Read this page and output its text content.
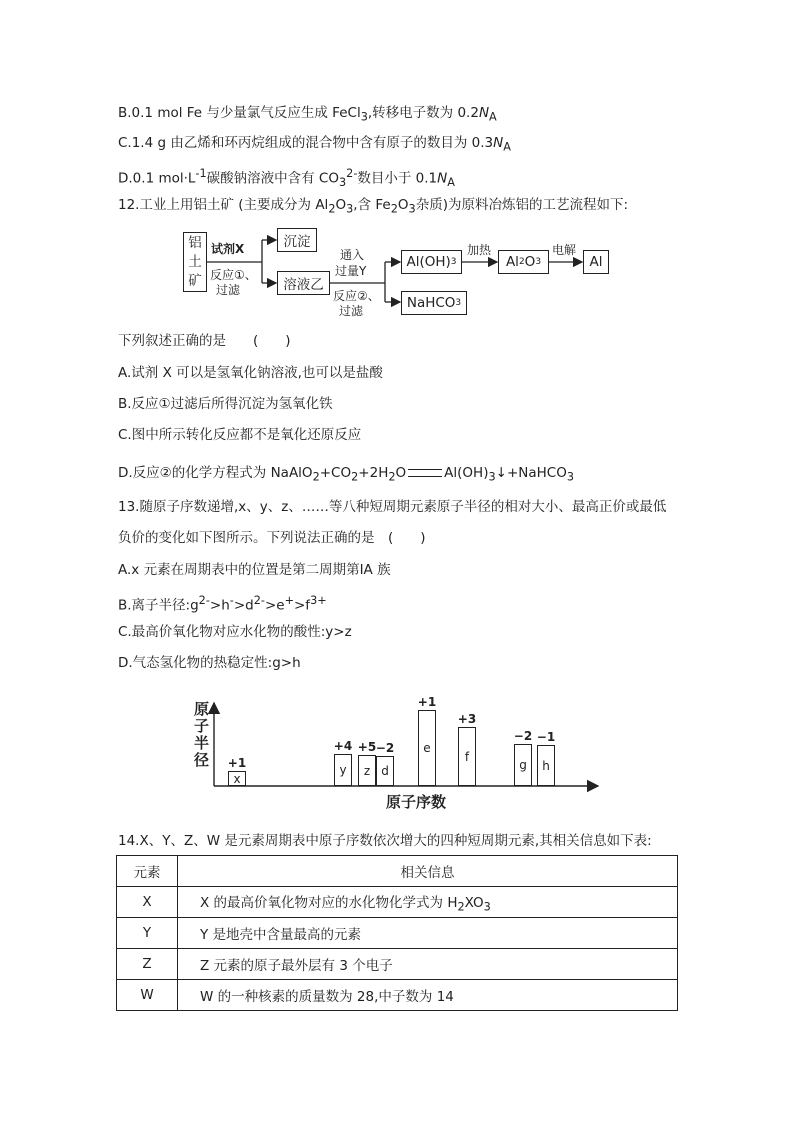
B.0.1 mol Fe 与少量氯气反应生成 FeCl$_3$,转移电子数为 $0.2N_A$
C.1.4 g 由乙烯和环丙烷组成的混合物中含有原子的数目为 $0.3N_A$
D.0.1 $mol\cdot L^{-1}$碳酸钠溶液中含有 $CO_3^{2-}$数目小于 $0.1N_A$
12.工业上用铝土矿 (主要成分为 $Al_2O_3$,含 $Fe_2O_3$杂质)为原料冶炼铝的工艺流程如下:
铝
土
矿
试剂X
反应①、
过滤
沉淀
溶液乙
通入
过量Y
反应②、
过滤
Al(OH) 3
加热
Al 2 O 3
电解
Al
NaHCO 3
下列叙述正确的是　　(　　)
A.试剂 X 可以是氢氧化钠溶液,也可以是盐酸
B.反应①过滤后所得沉淀为氢氧化铁
C.图中所示转化反应都不是氧化还原反应
D.反应②的化学方程式为 $NaAlO_2+CO_2+2H_2O$	$Al(OH)_3↓+NaHCO_3$
13.随原子序数递增,x、y、z、……等八种短周期元素原子半径的相对大小、最高正价或最低
负价的变化如下图所示。下列说法正确的是　(　　)
A.x 元素在周期表中的位置是第二周期第ⅠA 族
B.离子半径$:g^{2-}>h^->d^{2-}>e^+>f^{3+}$
C.最高价氧化物对应水化物的酸性:y>z
D.气态氢化物的热稳定性:g>h
原子半径
原子序数
x
+1	y
+4
z
+5
d
−2 e
+1
f
+3
g
−2
h
−1
14.X、Y、Z、W 是元素周期表中原子序数依次增大的四种短周期元素,其相关信息如下表:
元素	相关信息
X	X 的最高价氧化物对应的水化物化学式为 $H_2XO_3$
Y	Y 是地壳中含量最高的元素
Z	Z 元素的原子最外层有 3 个电子
W	W 的一种核素的质量数为 28,中子数为 14
